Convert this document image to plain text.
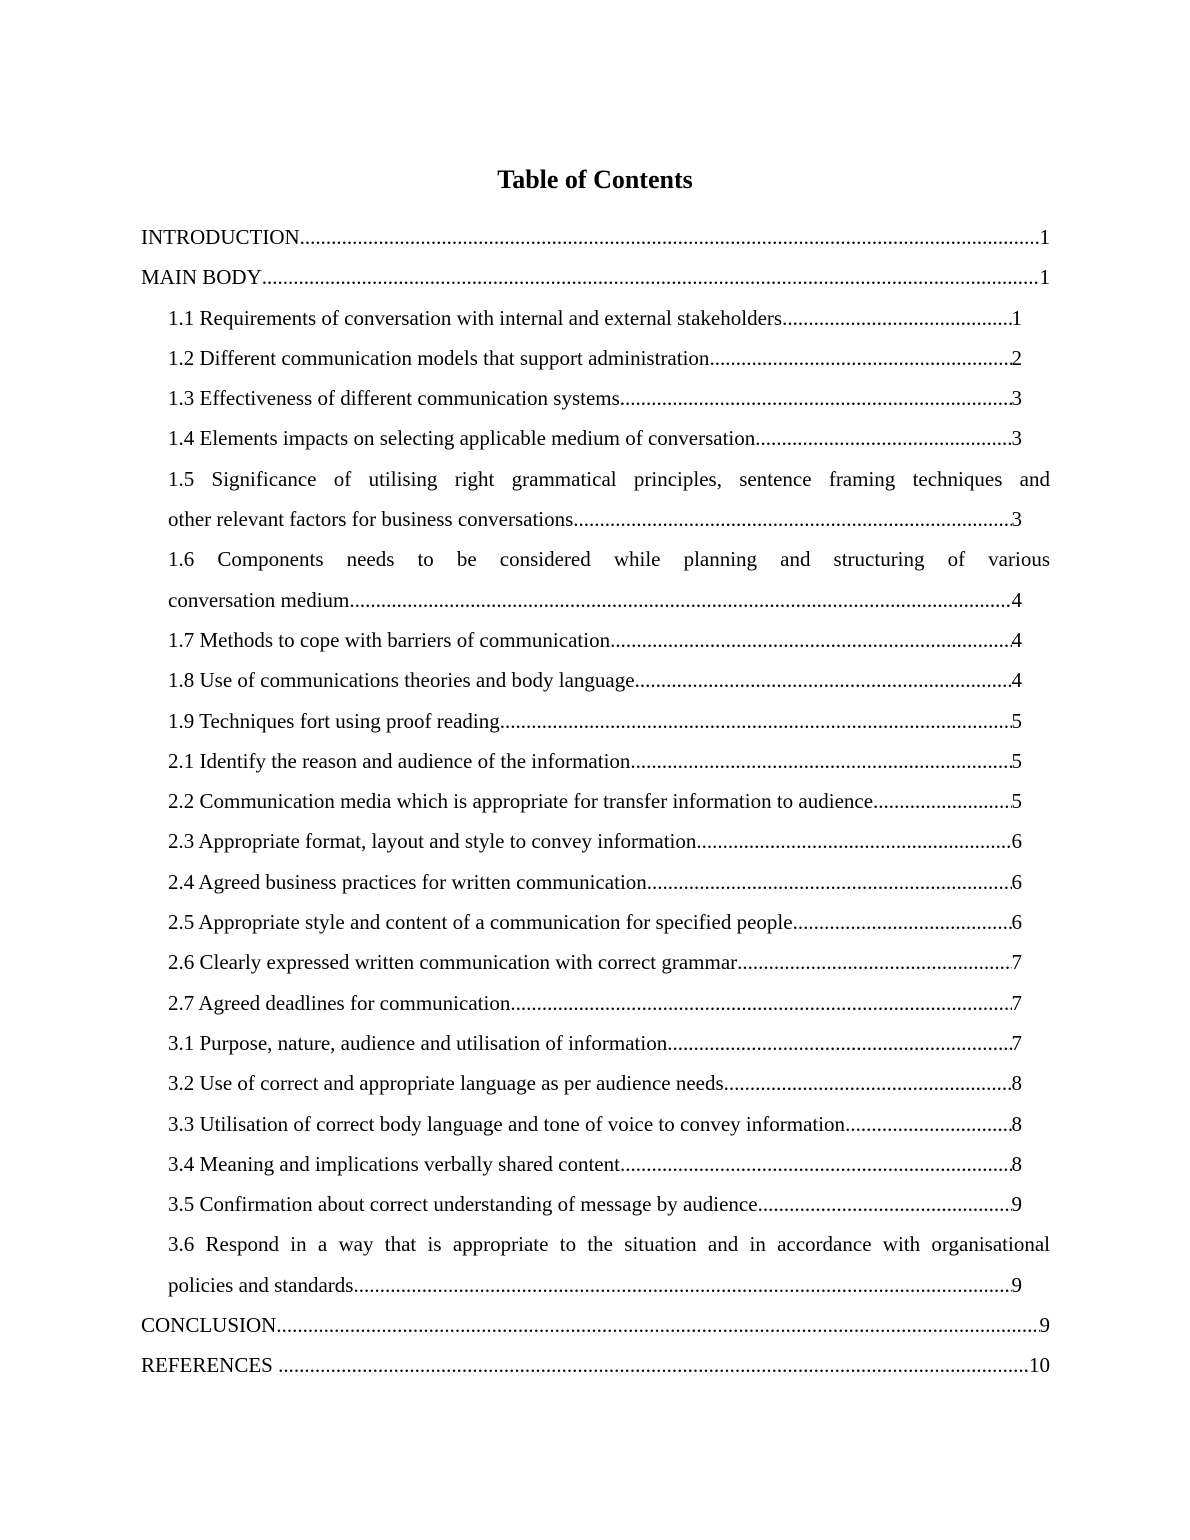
Table of Contents
INTRODUCTION .....	1
MAIN BODY .....	1
1.1 Requirements of conversation with internal and external stakeholders .....	1
1.2 Different communication models that support administration .....	2
1.3 Effectiveness of different communication systems .....	3
1.4 Elements impacts on selecting applicable medium of conversation .....	3
1.5 Significance of utilising right grammatical principles, sentence framing techniques and
other relevant factors for business conversations .....	3
1.6 Components needs to be considered while planning and structuring of various
conversation medium .....	4
1.7 Methods to cope with barriers of communication .....	4
1.8 Use of communications theories and body language .....	4
1.9 Techniques fort using proof reading .....	5
2.1 Identify the reason and audience of the information .....	5
2.2 Communication media which is appropriate for transfer information to audience .....	5
2.3 Appropriate format, layout and style to convey information .....	6
2.4 Agreed business practices for written communication .....	6
2.5 Appropriate style and content of a communication for specified people .....	6
2.6 Clearly expressed written communication with correct grammar .....	7
2.7 Agreed deadlines for communication .....	7
3.1 Purpose, nature, audience and utilisation of information .....	7
3.2 Use of correct and appropriate language as per audience needs .....	8
3.3 Utilisation of correct body language and tone of voice to convey information .....	8
3.4 Meaning and implications verbally shared content .....	8
3.5 Confirmation about correct understanding of message by audience .....	9
3.6 Respond in a way that is appropriate to the situation and in accordance with organisational
policies and standards .....	9
CONCLUSION .....	9
REFERENCES .....	10
